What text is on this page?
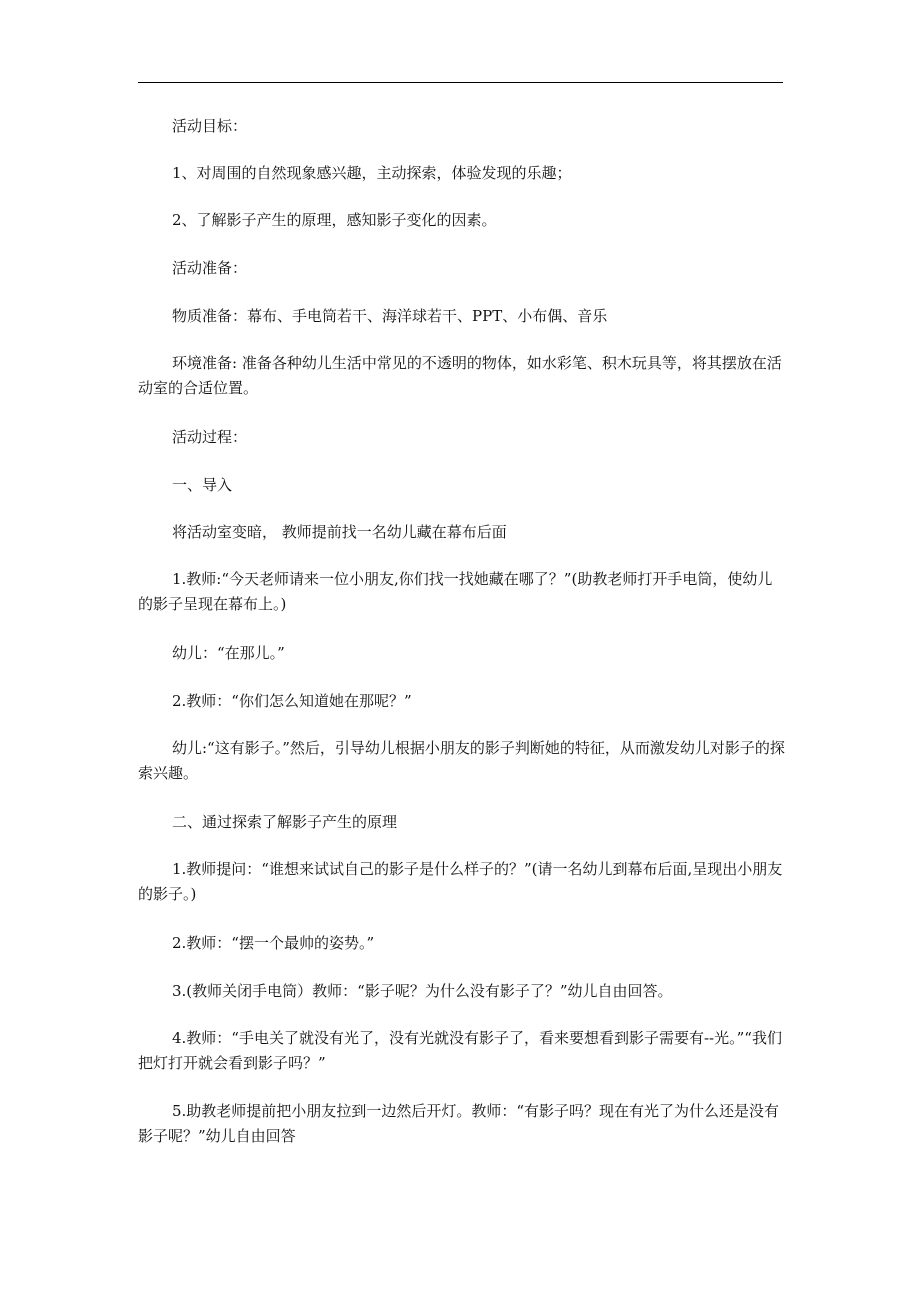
活动目标：

1、对周围的自然现象感兴趣，主动探索，体验发现的乐趣；

2、了解影子产生的原理，感知影子变化的因素。

活动准备：

物质准备：幕布、手电筒若干、海洋球若干、PPT、小布偶、音乐

环境准备: 准备各种幼儿生活中常见的不透明的物体，如水彩笔、积木玩具等，将其摆放在活动室的合适位置。

活动过程：

一、导入

将活动室变暗， 教师提前找一名幼儿藏在幕布后面

1.教师:“今天老师请来一位小朋友,你们找一找她藏在哪了？”(助教老师打开手电筒，使幼儿的影子呈现在幕布上。)

幼儿：“在那儿。”

2.教师：“你们怎么知道她在那呢？”

幼儿:“这有影子。”然后，引导幼儿根据小朋友的影子判断她的特征，从而激发幼儿对影子的探索兴趣。

二、通过探索了解影子产生的原理

1.教师提问：“谁想来试试自己的影子是什么样子的？”(请一名幼儿到幕布后面,呈现出小朋友的影子。)

2.教师：“摆一个最帅的姿势。”

3.(教师关闭手电筒）教师：“影子呢？为什么没有影子了？”幼儿自由回答。

4.教师：“手电关了就没有光了，没有光就没有影子了，看来要想看到影子需要有--光。”“我们把灯打开就会看到影子吗？”

5.助教老师提前把小朋友拉到一边然后开灯。教师：“有影子吗？现在有光了为什么还是没有影子呢？”幼儿自由回答
